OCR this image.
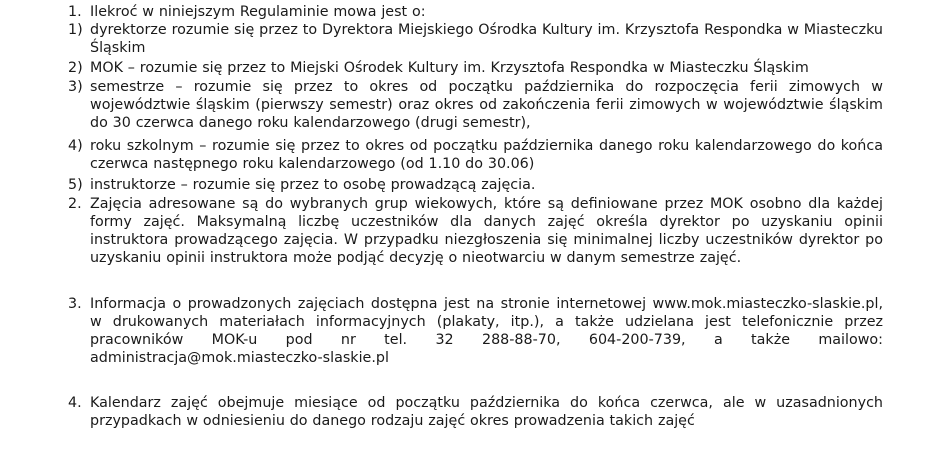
1. Ilekroć w niniejszym Regulaminie mowa jest o:
1) dyrektorze rozumie się przez to Dyrektora Miejskiego Ośrodka Kultury im. Krzysztofa Respondka w Miasteczku Śląskim
2) MOK – rozumie się przez to Miejski Ośrodek Kultury im. Krzysztofa Respondka w Miasteczku Śląskim
3) semestrze – rozumie się przez to okres od początku października do rozpoczęcia ferii zimowych w województwie śląskim (pierwszy semestr) oraz okres od zakończenia ferii zimowych w województwie śląskim do 30 czerwca danego roku kalendarzowego (drugi semestr),
4) roku szkolnym – rozumie się przez to okres od początku października danego roku kalendarzowego do końca czerwca następnego roku kalendarzowego (od 1.10 do 30.06)
5) instruktorze – rozumie się przez to osobę prowadzącą zajęcia.
2. Zajęcia adresowane są do wybranych grup wiekowych, które są definiowane przez MOK osobno dla każdej formy zajęć. Maksymalną liczbę uczestników dla danych zajęć określa dyrektor po uzyskaniu opinii instruktora prowadzącego zajęcia. W przypadku niezgłoszenia się minimalnej liczby uczestników dyrektor po uzyskaniu opinii instruktora może podjąć decyzję o nieotwarciu w danym semestrze zajęć.
3. Informacja o prowadzonych zajęciach dostępna jest na stronie internetowej www.mok.miasteczko-slaskie.pl, w drukowanych materiałach informacyjnych (plakaty, itp.), a także udzielana jest telefonicznie przez pracowników MOK-u pod nr tel. 32 288-88-70, 604-200-739, a także mailowo: administracja@mok.miasteczko-slaskie.pl
4. Kalendarz zajęć obejmuje miesiące od początku października do końca czerwca, ale w uzasadnionych przypadkach w odniesieniu do danego rodzaju zajęć okres prowadzenia takich zajęć
